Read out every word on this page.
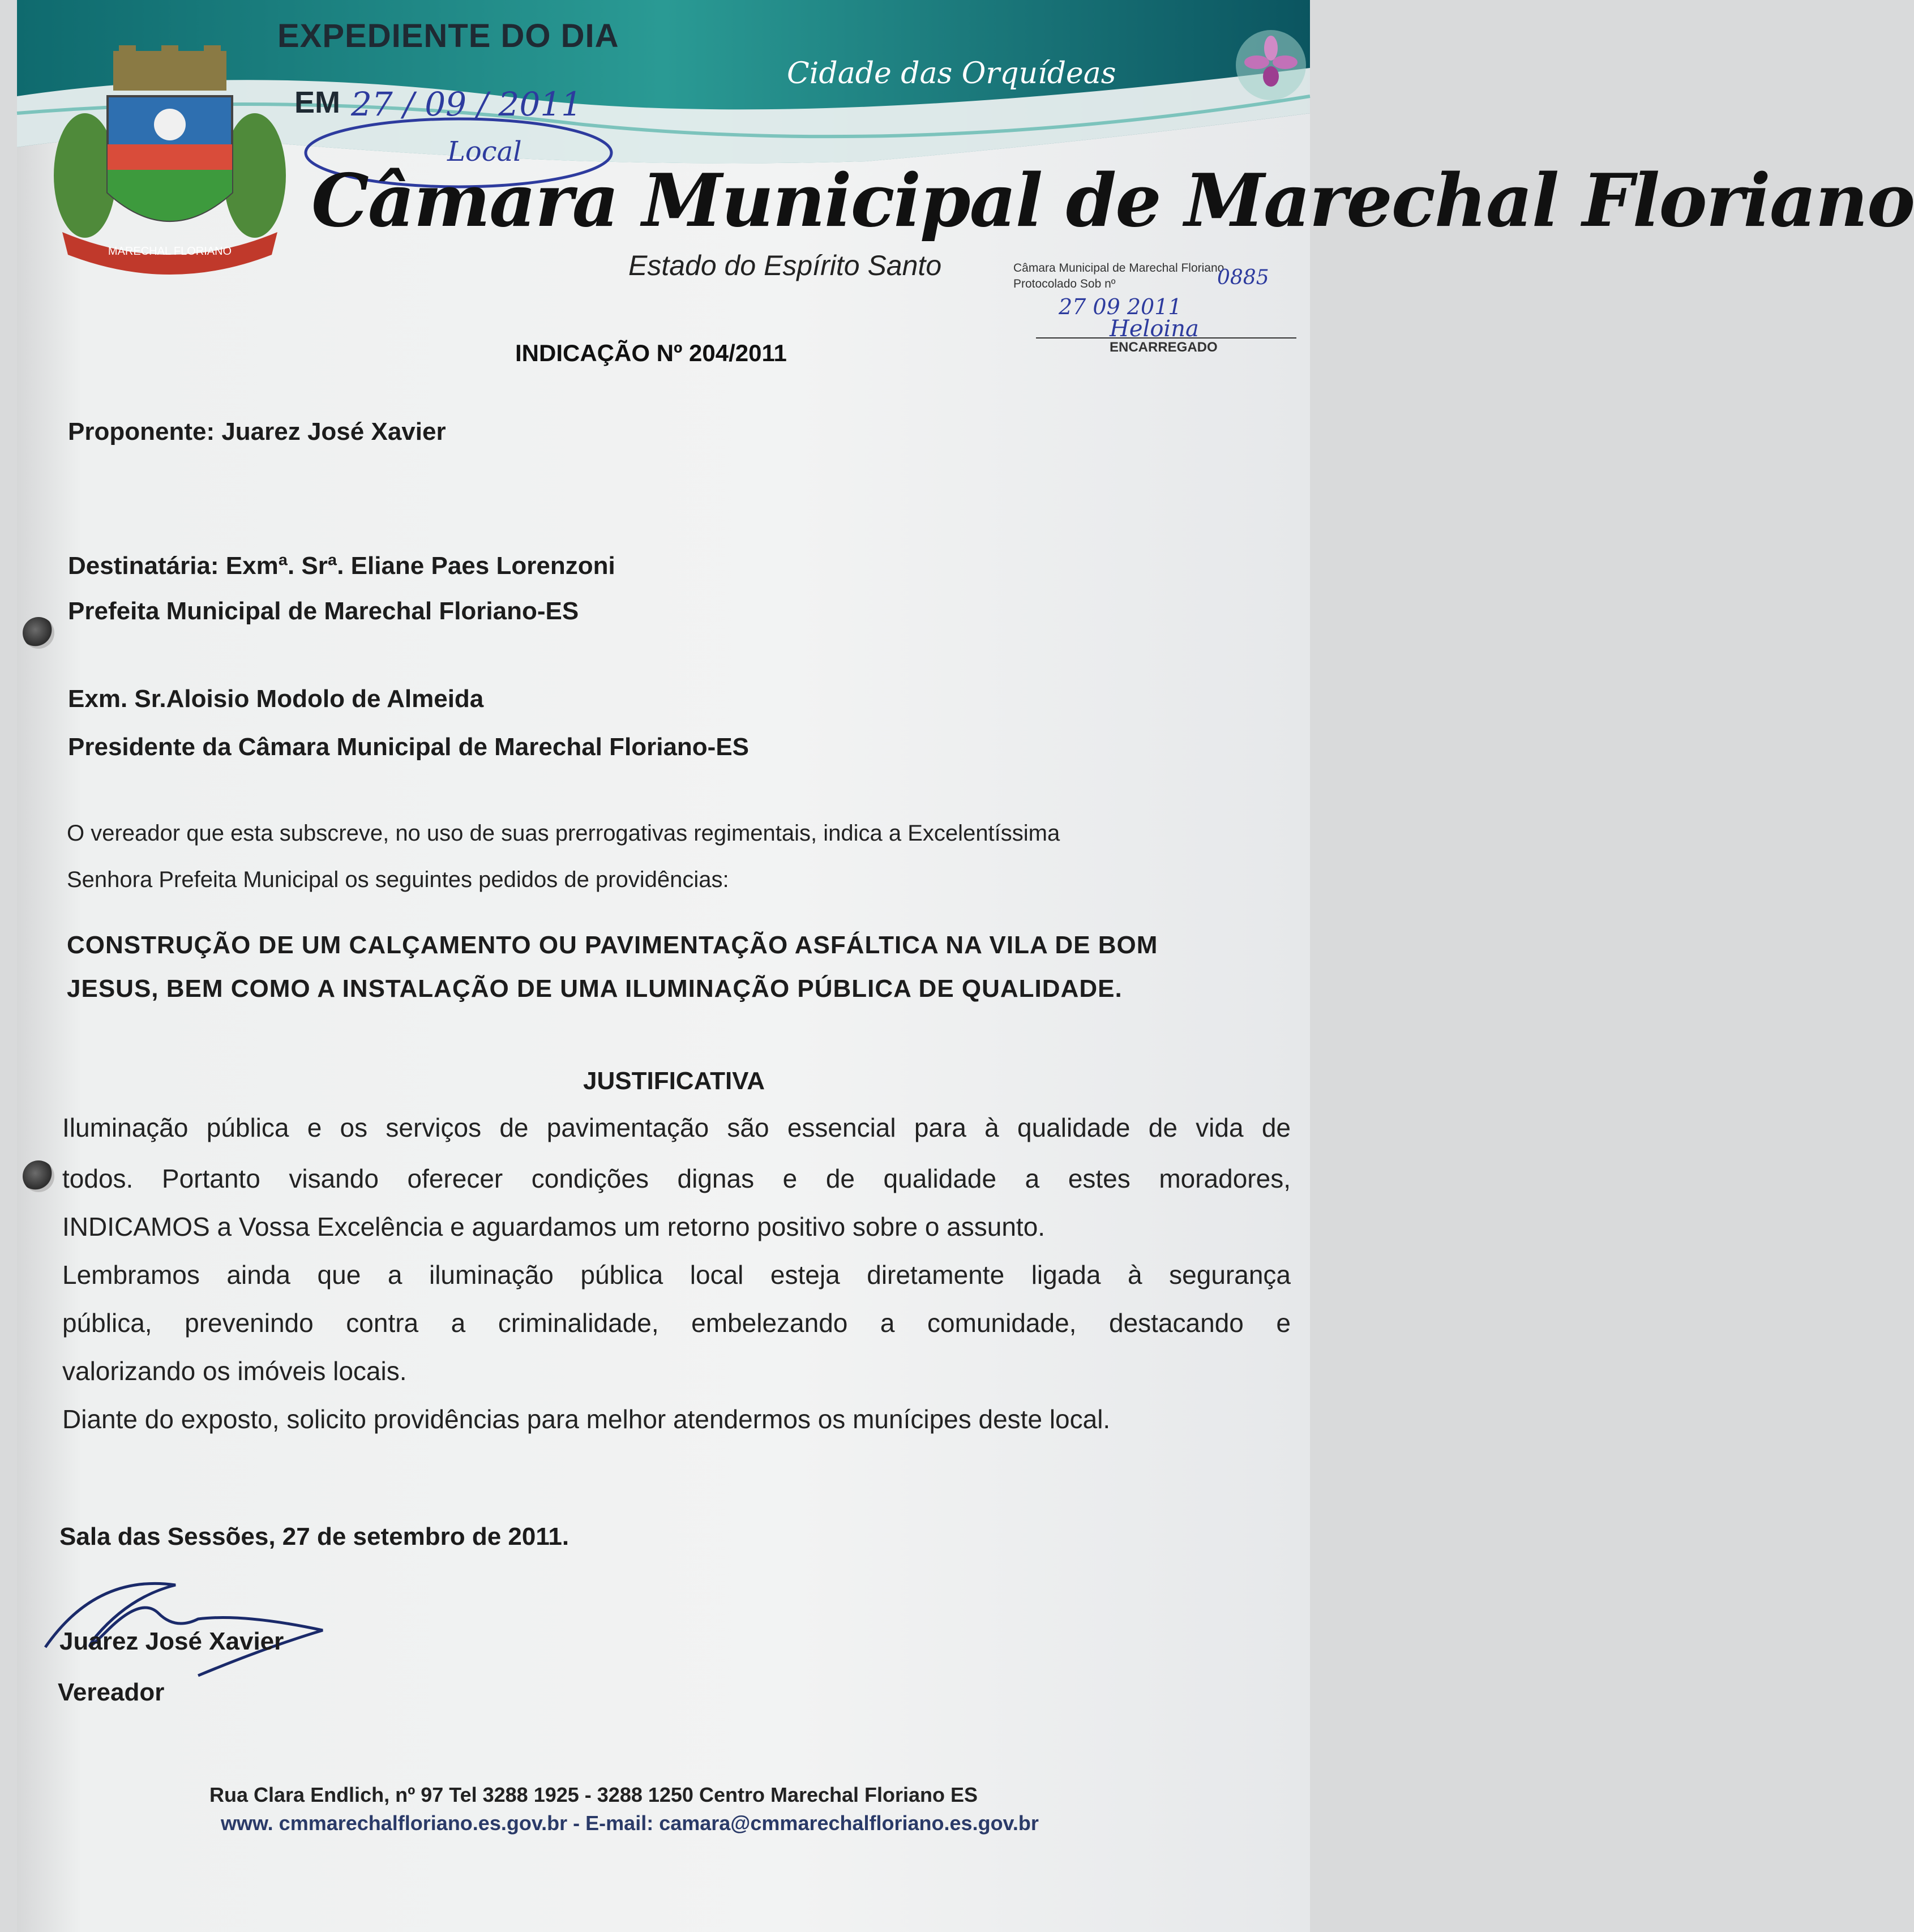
MARECHAL FLORIANO
EXPEDIENTE DO DIA
EM 27 / 09 / 2011
Local
Cidade das Orquídeas
Câmara Municipal de Marechal Floriano
Estado do Espírito Santo	Câmara Municipal de Marechal Floriano
Protocolado Sob nº	0885
27 09 2011
Heloina
ENCARREGADO
INDICAÇÃO Nº 204/2011
Proponente: Juarez José Xavier
Destinatária: Exmª. Srª. Eliane Paes Lorenzoni
Prefeita Municipal de Marechal Floriano-ES
Exm. Sr.Aloisio Modolo de Almeida
Presidente da Câmara Municipal de Marechal Floriano-ES
O vereador que esta subscreve, no uso de suas prerrogativas regimentais, indica a Excelentíssima
Senhora Prefeita Municipal os seguintes pedidos de providências:
CONSTRUÇÃO DE UM CALÇAMENTO OU PAVIMENTAÇÃO ASFÁLTICA NA VILA DE BOM
JESUS, BEM COMO A INSTALAÇÃO DE UMA ILUMINAÇÃO PÚBLICA DE QUALIDADE.
JUSTIFICATIVA
Iluminação pública e os serviços de pavimentação são essencial para à qualidade de vida de
todos. Portanto visando oferecer condições dignas e de qualidade a estes moradores,
INDICAMOS a Vossa Excelência e aguardamos um retorno positivo sobre o assunto.
Lembramos ainda que a iluminação pública local esteja diretamente ligada à segurança
pública, prevenindo contra a criminalidade, embelezando a comunidade, destacando e
valorizando os imóveis locais.
Diante do exposto, solicito providências para melhor atendermos os munícipes deste local.
Sala das Sessões, 27 de setembro de 2011.
Juarez José Xavier
Vereador
Rua Clara Endlich, nº 97 Tel 3288 1925 - 3288 1250 Centro Marechal Floriano ES
www. cmmarechalfloriano.es.gov.br - E-mail: camara@cmmarechalfloriano.es.gov.br
